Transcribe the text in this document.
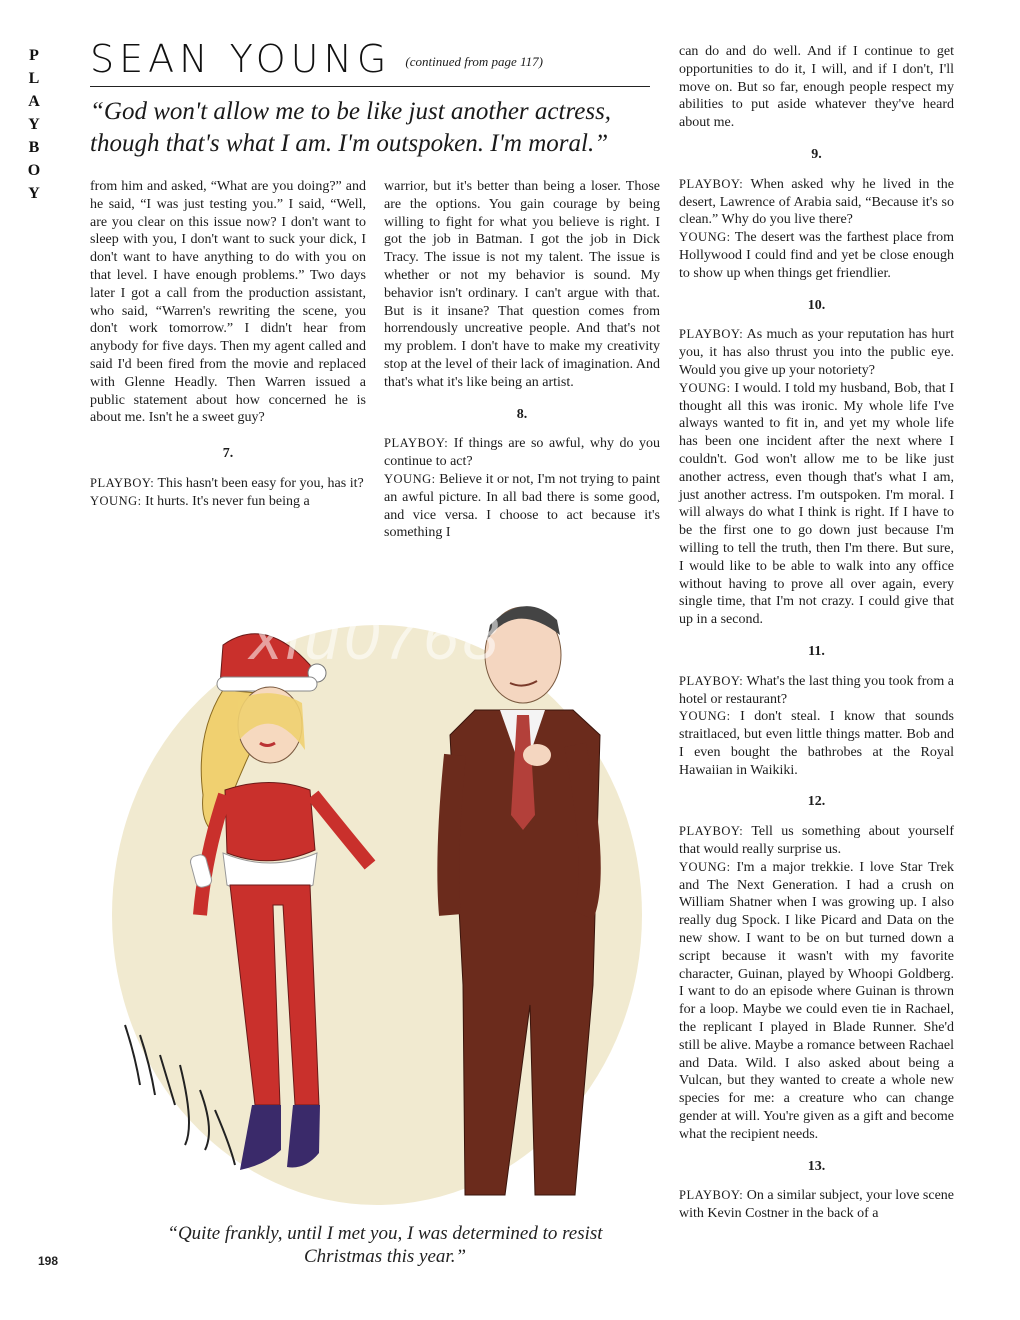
P
L
A
Y
B
O
Y
SEAN YOUNG $^{(continued from page 117)}$
“God won't allow me to be like just another actress, though that's what I am. I'm outspoken. I'm moral.”

from him and asked, “What are you doing?” and he said, “I was just testing you.” I said, “Well, are you clear on this issue now? I don't want to sleep with you, I don't want to suck your dick, I don't want to have anything to do with you on that level. I have enough problems.” Two days later I got a call from the production assistant, who said, “Warren's rewriting the scene, you don't work tomorrow.” I didn't hear from anybody for five days. Then my agent called and said I'd been fired from the movie and replaced with Glenne Headly. Then Warren issued a public statement about how concerned he is about me. Isn't he a sweet guy?

7.

PLAYBOY: This hasn't been easy for you, has it?

YOUNG: It hurts. It's never fun being a

warrior, but it's better than being a loser. Those are the options. You gain courage by being willing to fight for what you believe is right. I got the job in Batman. I got the job in Dick Tracy. The issue is not my talent. The issue is whether or not my behavior is sound. My behavior isn't ordinary. I can't argue with that. But is it insane? That question comes from horrendously uncreative people. And that's not my problem. I don't have to make my creativity stop at the level of their lack of imagination. And that's what it's like being an artist.

8.

PLAYBOY: If things are so awful, why do you continue to act?

YOUNG: Believe it or not, I'm not trying to paint an awful picture. In all bad there is some good, and vice versa. I choose to act because it's something I

can do and do well. And if I continue to get opportunities to do it, I will, and if I don't, I'll move on. But so far, enough people respect my abilities to put aside whatever they've heard about me.

9.

PLAYBOY: When asked why he lived in the desert, Lawrence of Arabia said, “Because it's so clean.” Why do you live there?

YOUNG: The desert was the farthest place from Hollywood I could find and yet be close enough to show up when things get friendlier.

10.

PLAYBOY: As much as your reputation has hurt you, it has also thrust you into the public eye. Would you give up your notoriety?

YOUNG: I would. I told my husband, Bob, that I thought all this was ironic. My whole life I've always wanted to fit in, and yet my whole life has been one incident after the next where I couldn't. God won't allow me to be like just another actress, even though that's what I am, just another actress. I'm outspoken. I'm moral. I will always do what I think is right. If I have to be the first one to go down just because I'm willing to tell the truth, then I'm there. But sure, I would like to be able to walk into any office without having to prove all over again, every single time, that I'm not crazy. I could give that up in a second.

11.

PLAYBOY: What's the last thing you took from a hotel or restaurant?

YOUNG: I don't steal. I know that sounds straitlaced, but even little things matter. Bob and I even bought the bathrobes at the Royal Hawaiian in Waikiki.

12.

PLAYBOY: Tell us something about yourself that would really surprise us.

YOUNG: I'm a major trekkie. I love Star Trek and The Next Generation. I had a crush on William Shatner when I was growing up. I also really dug Spock. I like Picard and Data on the new show. I want to be on but turned down a script because it wasn't with my favorite character, Guinan, played by Whoopi Goldberg. I want to do an episode where Guinan is thrown for a loop. Maybe we could even tie in Rachael, the replicant I played in Blade Runner. She'd still be alive. Maybe a romance between Rachael and Data. Wild. I also asked about being a Vulcan, but they wanted to create a whole new species for me: a creature who can change gender at will. You're given as a gift and become what the recipient needs.

13.

PLAYBOY: On a similar subject, your love scene with Kevin Costner in the back of a

xiu0768
“Quite frankly, until I met you, I was determined to resist Christmas this year.”
198
